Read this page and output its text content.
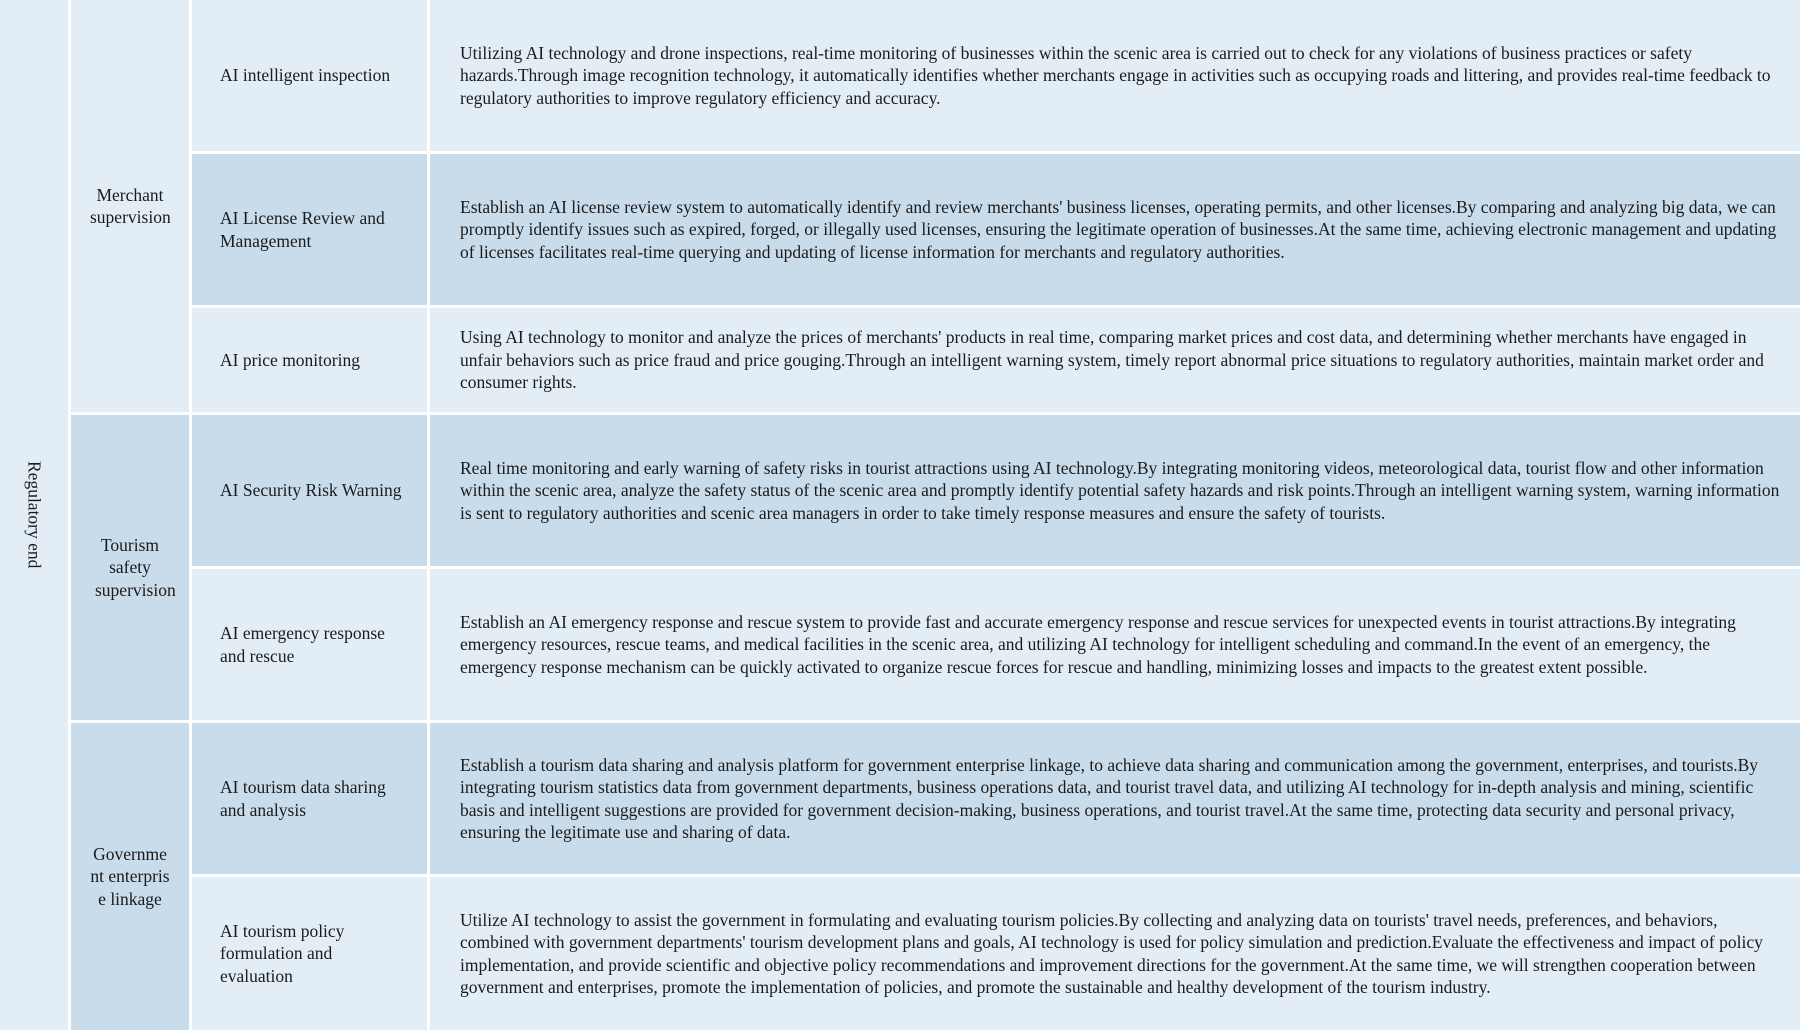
Regulatory end
Merchant supervision
Tourism safety supervision
Government enterprise linkage
AI intelligent inspection
Utilizing AI technology and drone inspections, real-time monitoring of businesses within the scenic area is carried out to check for any violations of business practices or safety hazards.Through image recognition technology, it automatically identifies whether merchants engage in activities such as occupying roads and littering, and provides real-time feedback to regulatory authorities to improve regulatory efficiency and accuracy.
AI License Review and Management
Establish an AI license review system to automatically identify and review merchants' business licenses, operating permits, and other licenses.By comparing and analyzing big data, we can promptly identify issues such as expired, forged, or illegally used licenses, ensuring the legitimate operation of businesses.At the same time, achieving electronic management and updating of licenses facilitates real-time querying and updating of license information for merchants and regulatory authorities.
AI price monitoring
Using AI technology to monitor and analyze the prices of merchants' products in real time, comparing market prices and cost data, and determining whether merchants have engaged in unfair behaviors such as price fraud and price gouging.Through an intelligent warning system, timely report abnormal price situations to regulatory authorities, maintain market order and consumer rights.
AI Security Risk Warning
Real time monitoring and early warning of safety risks in tourist attractions using AI technology.By integrating monitoring videos, meteorological data, tourist flow and other information within the scenic area, analyze the safety status of the scenic area and promptly identify potential safety hazards and risk points.Through an intelligent warning system, warning information is sent to regulatory authorities and scenic area managers in order to take timely response measures and ensure the safety of tourists.
AI emergency response and rescue
Establish an AI emergency response and rescue system to provide fast and accurate emergency response and rescue services for unexpected events in tourist attractions.By integrating emergency resources, rescue teams, and medical facilities in the scenic area, and utilizing AI technology for intelligent scheduling and command.In the event of an emergency, the emergency response mechanism can be quickly activated to organize rescue forces for rescue and handling, minimizing losses and impacts to the greatest extent possible.
AI tourism data sharing and analysis
Establish a tourism data sharing and analysis platform for government enterprise linkage, to achieve data sharing and communication among the government, enterprises, and tourists.By integrating tourism statistics data from government departments, business operations data, and tourist travel data, and utilizing AI technology for in-depth analysis and mining, scientific basis and intelligent suggestions are provided for government decision-making, business operations, and tourist travel.At the same time, protecting data security and personal privacy, ensuring the legitimate use and sharing of data.
AI tourism policy formulation and evaluation
Utilize AI technology to assist the government in formulating and evaluating tourism policies.By collecting and analyzing data on tourists' travel needs, preferences, and behaviors, combined with government departments' tourism development plans and goals, AI technology is used for policy simulation and prediction.Evaluate the effectiveness and impact of policy implementation, and provide scientific and objective policy recommendations and improvement directions for the government.At the same time, we will strengthen cooperation between government and enterprises, promote the implementation of policies, and promote the sustainable and healthy development of the tourism industry.
